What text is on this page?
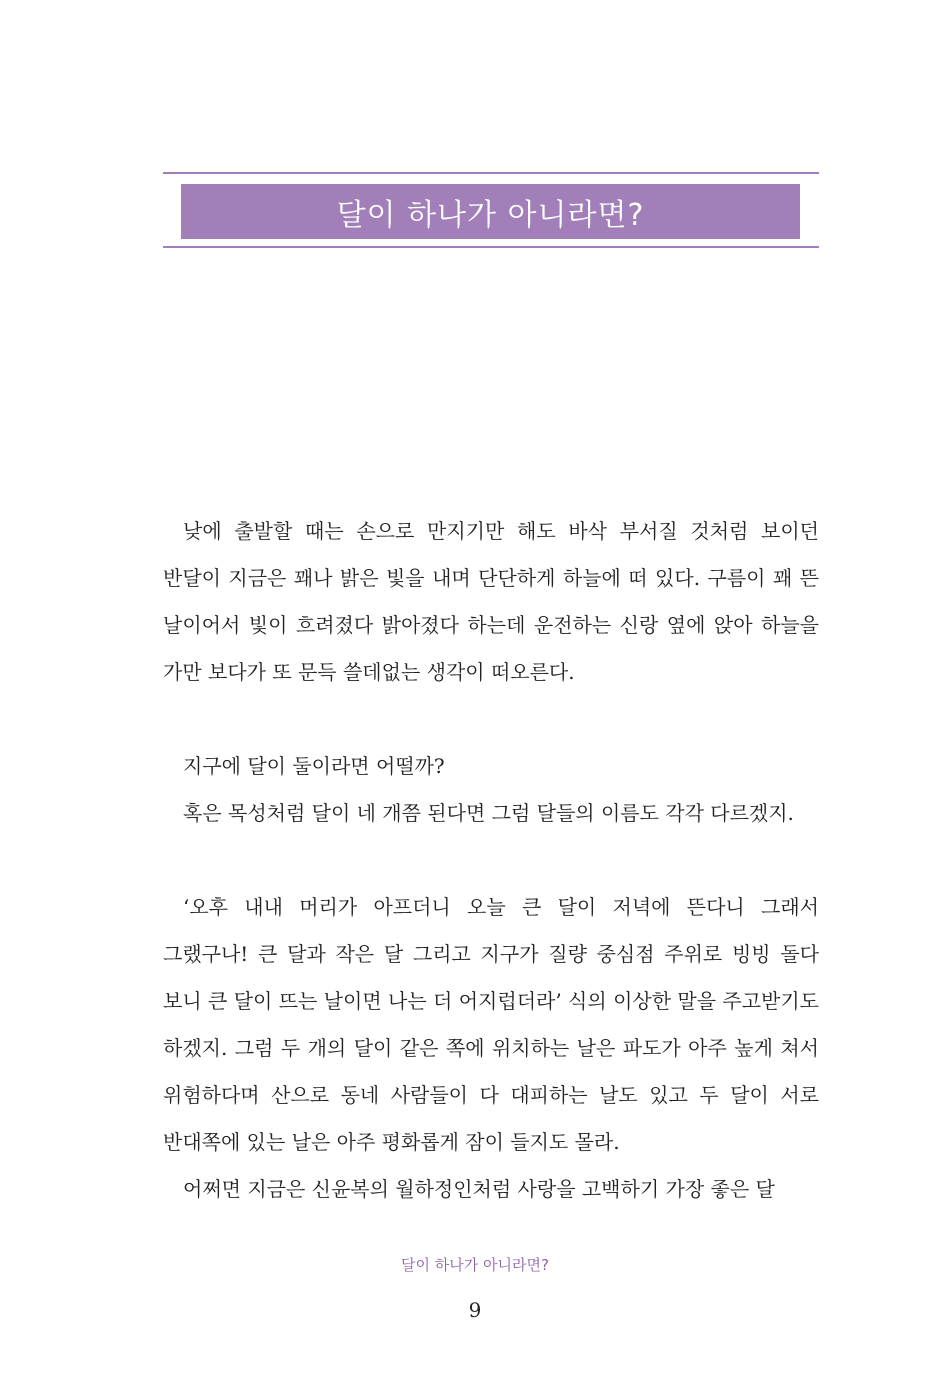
달이 하나가 아니라면?

낮에 출발할 때는 손으로 만지기만 해도 바삭 부서질 것처럼 보이던 반달이 지금은 꽤나 밝은 빛을 내며 단단하게 하늘에 떠 있다. 구름이 꽤 뜬 날이어서 빛이 흐려졌다 밝아졌다 하는데 운전하는 신랑 옆에 앉아 하늘을 가만 보다가 또 문득 쓸데없는 생각이 떠오른다.

지구에 달이 둘이라면 어떨까?

혹은 목성처럼 달이 네 개쯤 된다면 그럼 달들의 이름도 각각 다르겠지.

‘오후 내내 머리가 아프더니 오늘 큰 달이 저녁에 뜬다니 그래서 그랬구나! 큰 달과 작은 달 그리고 지구가 질량 중심점 주위로 빙빙 돌다 보니 큰 달이 뜨는 날이면 나는 더 어지럽더라’ 식의 이상한 말을 주고받기도 하겠지. 그럼 두 개의 달이 같은 쪽에 위치하는 날은 파도가 아주 높게 쳐서 위험하다며 산으로 동네 사람들이 다 대피하는 날도 있고 두 달이 서로 반대쪽에 있는 날은 아주 평화롭게 잠이 들지도 몰라.

어쩌면 지금은 신윤복의 월하정인처럼 사랑을 고백하기 가장 좋은 달

달이 하나가 아니라면?
9
